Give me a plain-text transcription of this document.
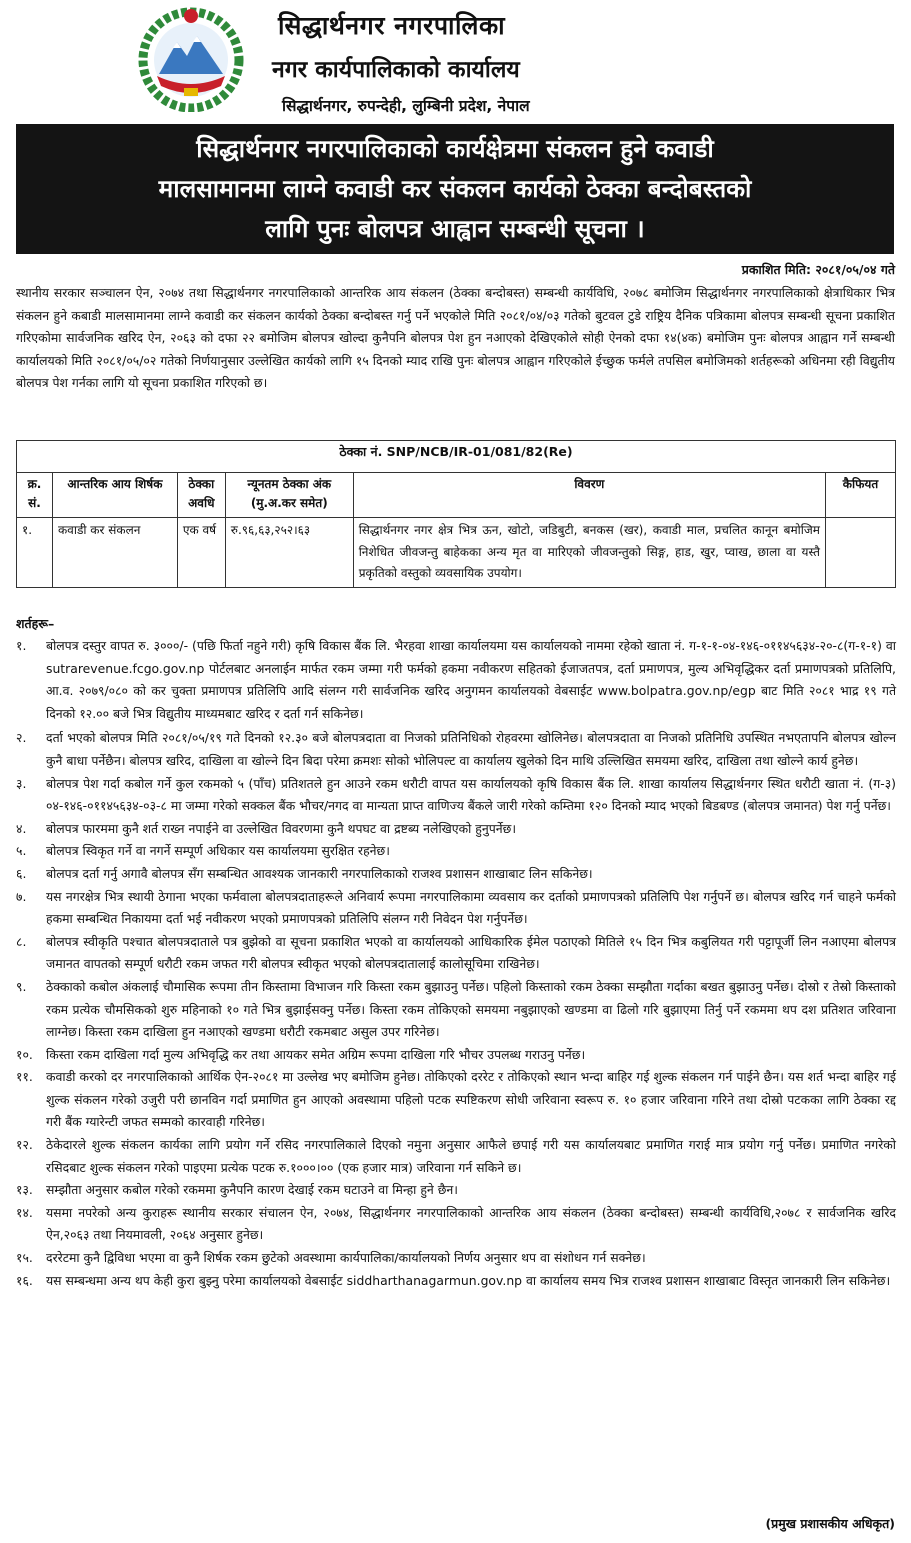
सिद्धार्थनगर नगरपालिका
नगर कार्यपालिकाको कार्यालय
सिद्धार्थनगर, रुपन्देही, लुम्बिनी प्रदेश, नेपाल
सिद्धार्थनगर नगरपालिकाको कार्यक्षेत्रमा संकलन हुने कवाडी
मालसामानमा लाग्ने कवाडी कर संकलन कार्यको ठेक्का बन्दोबस्तको
लागि पुनः बोलपत्र आह्वान सम्बन्धी सूचना ।
प्रकाशित मिति: २०८१/०५/०४ गते
स्थानीय सरकार सञ्चालन ऐन, २०७४ तथा सिद्धार्थनगर नगरपालिकाको आन्तरिक आय संकलन (ठेक्का बन्दोबस्त) सम्बन्धी कार्यविधि, २०७८ बमोजिम सिद्धार्थनगर नगरपालिकाको क्षेत्राधिकार भित्र संकलन हुने कबाडी मालसामानमा लाग्ने कवाडी कर संकलन कार्यको ठेक्का बन्दोबस्त गर्नु पर्ने भएकोले मिति २०८१/०४/०३ गतेको बुटवल टुडे राष्ट्रिय दैनिक पत्रिकामा बोलपत्र सम्बन्धी सूचना प्रकाशित गरिएकोमा सार्वजनिक खरिद ऐन, २०६३ को दफा २२ बमोजिम बोलपत्र खोल्दा कुनैपनि बोलपत्र पेश हुन नआएको देखिएकोले सोही ऐनको दफा १४(४क) बमोजिम पुनः बोलपत्र आह्वान गर्ने सम्बन्धी कार्यालयको मिति २०८१/०५/०२ गतेको निर्णयानुसार उल्लेखित कार्यको लागि १५ दिनको म्याद राखि पुनः बोलपत्र आह्वान गरिएकोले ईच्छुक फर्मले तपसिल बमोजिमको शर्तहरूको अधिनमा रही विद्युतीय बोलपत्र पेश गर्नका लागि यो सूचना प्रकाशित गरिएको छ।
ठेक्का नं. SNP/NCB/IR-01/081/82(Re)					
क्र. सं.	आन्तरिक आय शिर्षक	ठेक्का अवधि	न्यूनतम ठेक्का अंक (मु.अ.कर समेत)	विवरण	कैफियत
१.	कवाडी कर संकलन	एक वर्ष	रु.९६,६३,२५२।६३	सिद्धार्थनगर नगर क्षेत्र भित्र ऊन, खोटो, जडिबुटी, बनकस (खर), कवाडी माल, प्रचलित कानून बमोजिम निशेधित जीवजन्तु बाहेकका अन्य मृत वा मारिएको जीवजन्तुको सिङ्ग, हाड, खुर, प्वाख, छाला वा यस्तै प्रकृतिको वस्तुको व्यवसायिक उपयोग।	
शर्तहरू–
१.	बोलपत्र दस्तुर वापत रु. ३०००/- (पछि फिर्ता नहुने गरी) कृषि विकास बैंक लि. भैरहवा शाखा कार्यालयमा यस कार्यालयको नाममा रहेको खाता नं. ग-१-१-०४-१४६-०११४५६३४-२०-८(ग-१-१) वा sutrarevenue.fcgo.gov.np पोर्टलबाट अनलाईन मार्फत रकम जम्मा गरी फर्मको हकमा नवीकरण सहितको ईजाजतपत्र, दर्ता प्रमाणपत्र, मुल्य अभिवृद्धिकर दर्ता प्रमाणपत्रको प्रतिलिपि, आ.व. २०७९/०८० को कर चुक्ता प्रमाणपत्र प्रतिलिपि आदि संलग्न गरी सार्वजनिक खरिद अनुगमन कार्यालयको वेबसाईट www.bolpatra.gov.np/egp बाट मिति २०८१ भाद्र १९ गते दिनको १२.०० बजे भित्र विद्युतीय माध्यमबाट खरिद र दर्ता गर्न सकिनेछ।
२.	दर्ता भएको बोलपत्र मिति २०८१/०५/१९ गते दिनको १२.३० बजे बोलपत्रदाता वा निजको प्रतिनिधिको रोहवरमा खोलिनेछ। बोलपत्रदाता वा निजको प्रतिनिधि उपस्थित नभएतापनि बोलपत्र खोल्न कुनै बाधा पर्नेछैन। बोलपत्र खरिद, दाखिला वा खोल्ने दिन बिदा परेमा क्रमशः सोको भोलिपल्ट वा कार्यालय खुलेको दिन माथि उल्लिखित समयमा खरिद, दाखिला तथा खोल्ने कार्य हुनेछ।
३.	बोलपत्र पेश गर्दा कबोल गर्ने कुल रकमको ५ (पाँच) प्रतिशतले हुन आउने रकम धरौटी वापत यस कार्यालयको कृषि विकास बैंक लि. शाखा कार्यालय सिद्धार्थनगर स्थित धरौटी खाता नं. (ग-३) ०४-१४६-०११४५६३४-०३-८ मा जम्मा गरेको सक्कल बैंक भौचर/नगद वा मान्यता प्राप्त वाणिज्य बैंकले जारी गरेको कम्तिमा १२० दिनको म्याद भएको बिडबण्ड (बोलपत्र जमानत) पेश गर्नु पर्नेछ।
४.	बोलपत्र फारममा कुनै शर्त राख्न नपाईने वा उल्लेखित विवरणमा कुनै थपघट वा द्रष्टब्य नलेखिएको हुनुपर्नेछ।
५.	बोलपत्र स्विकृत गर्ने वा नगर्ने सम्पूर्ण अधिकार यस कार्यालयमा सुरक्षित रहनेछ।
६.	बोलपत्र दर्ता गर्नु अगावै बोलपत्र सँग सम्बन्धित आवश्यक जानकारी नगरपालिकाको राजश्व प्रशासन शाखाबाट लिन सकिनेछ।
७.	यस नगरक्षेत्र भित्र स्थायी ठेगाना भएका फर्मवाला बोलपत्रदाताहरूले अनिवार्य रूपमा नगरपालिकामा व्यवसाय कर दर्ताको प्रमाणपत्रको प्रतिलिपि पेश गर्नुपर्ने छ। बोलपत्र खरिद गर्न चाहने फर्मको हकमा सम्बन्धित निकायमा दर्ता भई नवीकरण भएको प्रमाणपत्रको प्रतिलिपि संलग्न गरी निवेदन पेश गर्नुपर्नेछ।
८.	बोलपत्र स्वीकृति पश्चात बोलपत्रदाताले पत्र बुझेको वा सूचना प्रकाशित भएको वा कार्यालयको आधिकारिक ईमेल पठाएको मितिले १५ दिन भित्र कबुलियत गरी पट्टापूर्जी लिन नआएमा बोलपत्र जमानत वापतको सम्पूर्ण धरौटी रकम जफत गरी बोलपत्र स्वीकृत भएको बोलपत्रदातालाई कालोसूचिमा राखिनेछ।
९.	ठेक्काको कबोल अंकलाई चौमासिक रूपमा तीन किस्तामा विभाजन गरि किस्ता रकम बुझाउनु पर्नेछ। पहिलो किस्ताको रकम ठेक्का सम्झौता गर्दाका बखत बुझाउनु पर्नेछ। दोस्रो र तेस्रो किस्ताको रकम प्रत्येक चौमसिकको शुरु महिनाको १० गते भित्र बुझाईसक्नु पर्नेछ। किस्ता रकम तोकिएको समयमा नबुझाएको खण्डमा वा ढिलो गरि बुझाएमा तिर्नु पर्ने रकममा थप दश प्रतिशत जरिवाना लाग्नेछ। किस्ता रकम दाखिला हुन नआएको खण्डमा धरौटी रकमबाट असुल उपर गरिनेछ।
१०.	किस्ता रकम दाखिला गर्दा मुल्य अभिवृद्धि कर तथा आयकर समेत अग्रिम रूपमा दाखिला गरि भौचर उपलब्ध गराउनु पर्नेछ।
११.	कवाडी करको दर नगरपालिकाको आर्थिक ऐन-२०८१ मा उल्लेख भए बमोजिम हुनेछ। तोकिएको दररेट र तोकिएको स्थान भन्दा बाहिर गई शुल्क संकलन गर्न पाईने छैन। यस शर्त भन्दा बाहिर गई शुल्क संकलन गरेको उजुरी परी छानविन गर्दा प्रमाणित हुन आएको अवस्थामा पहिलो पटक स्पष्टिकरण सोधी जरिवाना स्वरूप रु. १० हजार जरिवाना गरिने तथा दोस्रो पटकका लागि ठेक्का रद्द गरी बैंक ग्यारेन्टी जफत सम्मको कारवाही गरिनेछ।
१२.	ठेकेदारले शुल्क संकलन कार्यका लागि प्रयोग गर्ने रसिद नगरपालिकाले दिएको नमुना अनुसार आफैले छपाई गरी यस कार्यालयबाट प्रमाणित गराई मात्र प्रयोग गर्नु पर्नेछ। प्रमाणित नगरेको रसिदबाट शुल्क संकलन गरेको पाइएमा प्रत्येक पटक रु.१०००।०० (एक हजार मात्र) जरिवाना गर्न सकिने छ।
१३.	सम्झौता अनुसार कबोल गरेको रकममा कुनैपनि कारण देखाई रकम घटाउने वा मिन्हा हुने छैन।
१४.	यसमा नपरेको अन्य कुराहरू स्थानीय सरकार संचालन ऐन, २०७४, सिद्धार्थनगर नगरपालिकाको आन्तरिक आय संकलन (ठेक्का बन्दोबस्त) सम्बन्धी कार्यविधि,२०७८ र सार्वजनिक खरिद ऐन,२०६३ तथा नियमावली, २०६४ अनुसार हुनेछ।
१५.	दररेटमा कुनै द्विविधा भएमा वा कुनै शिर्षक रकम छुटेको अवस्थामा कार्यपालिका/कार्यालयको निर्णय अनुसार थप वा संशोधन गर्न सक्नेछ।
१६.	यस सम्बन्धमा अन्य थप केही कुरा बुझ्नु परेमा कार्यालयको वेबसाईट siddharthanagarmun.gov.np वा कार्यालय समय भित्र राजश्व प्रशासन शाखाबाट विस्तृत जानकारी लिन सकिनेछ।
(प्रमुख प्रशासकीय अधिकृत)
